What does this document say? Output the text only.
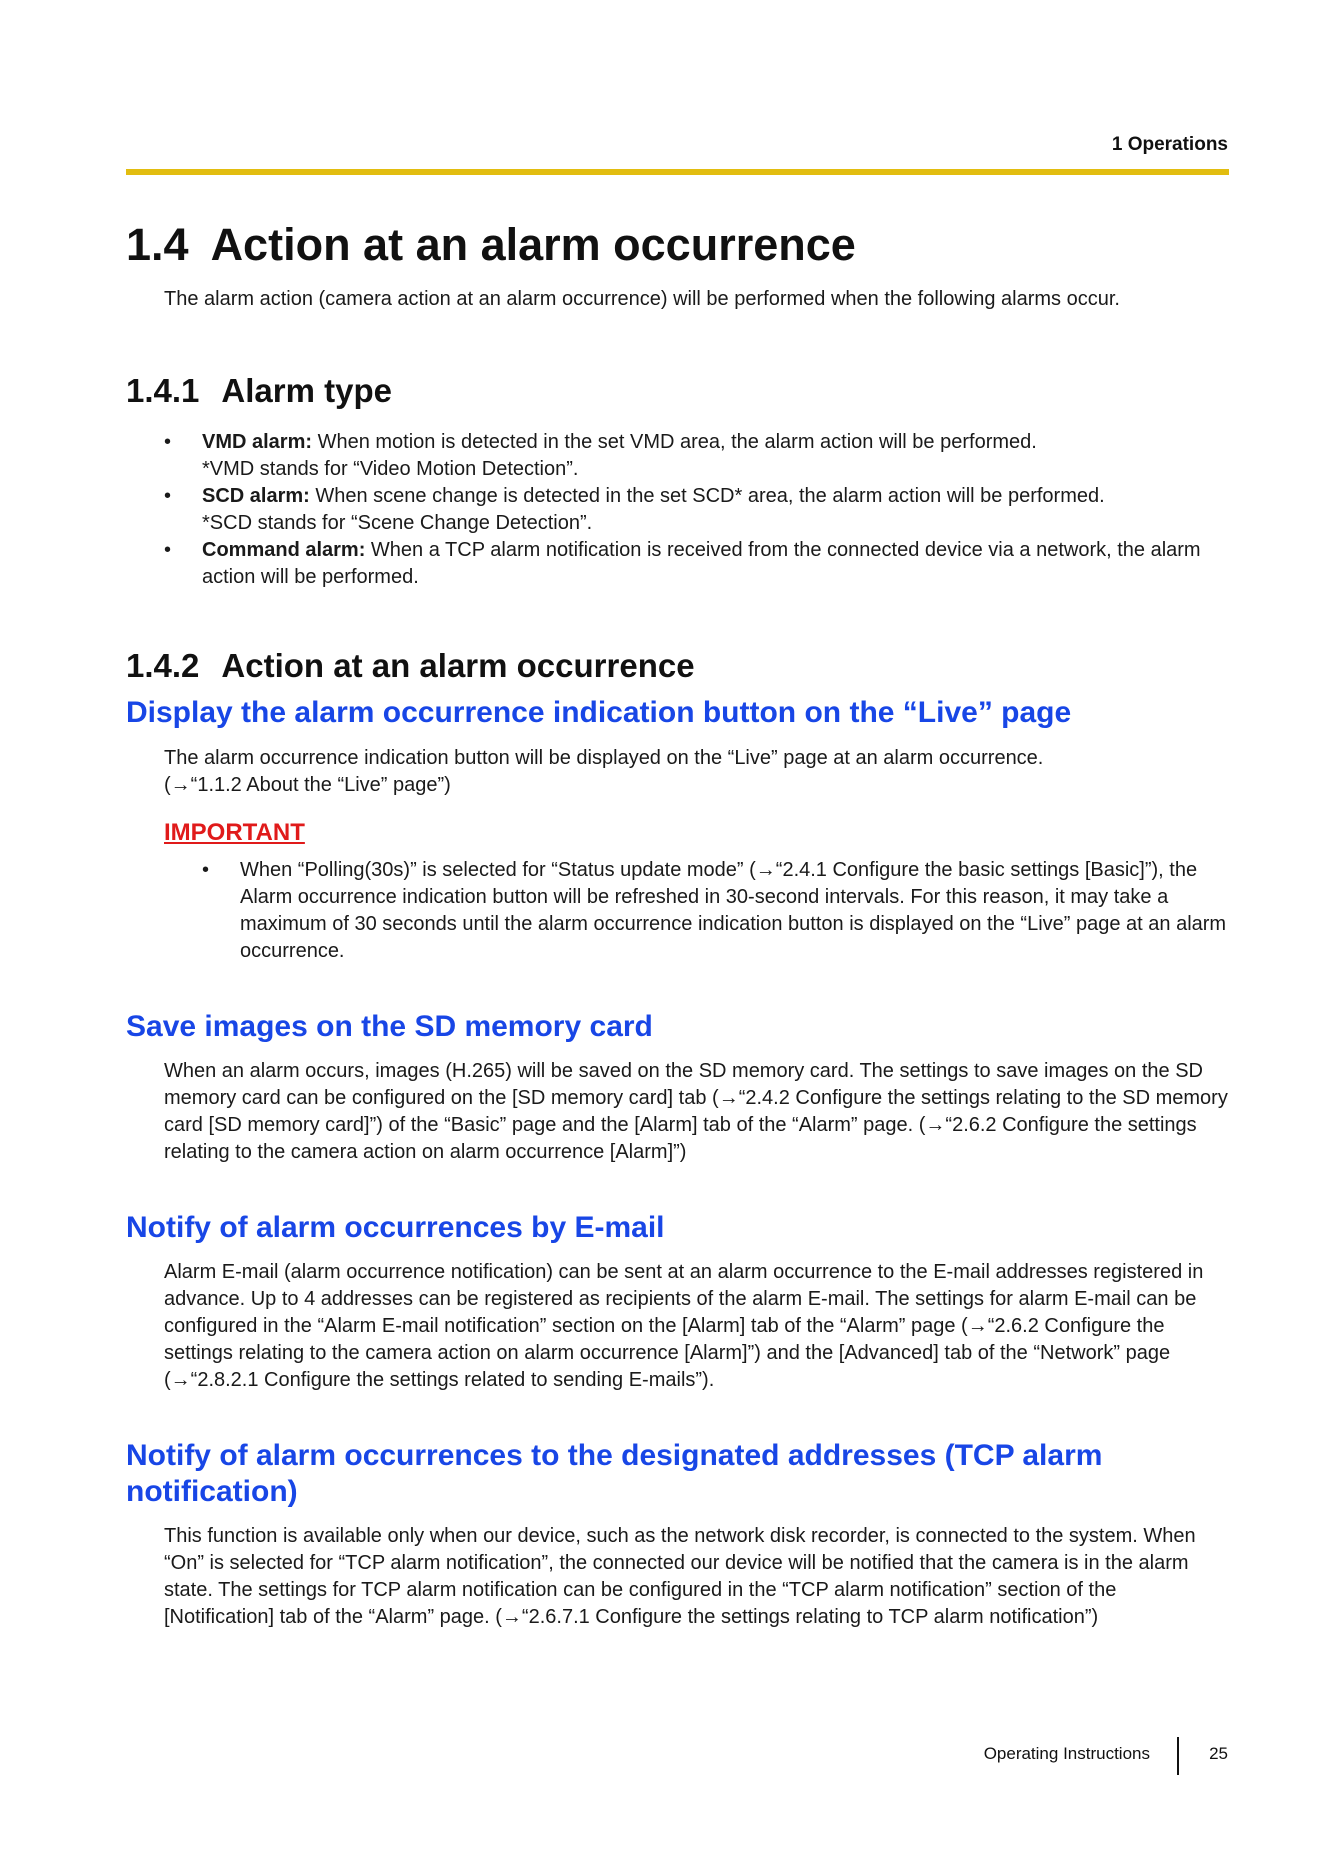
1 Operations
1.4 Action at an alarm occurrence

The alarm action (camera action at an alarm occurrence) will be performed when the following alarms occur.

1.4.1 Alarm type
• VMD alarm: When motion is detected in the set VMD area, the alarm action will be performed.
*VMD stands for “Video Motion Detection”.
• SCD alarm: When scene change is detected in the set SCD* area, the alarm action will be performed.
*SCD stands for “Scene Change Detection”.
• Command alarm: When a TCP alarm notification is received from the connected device via a network, the alarm action will be performed.
1.4.2 Action at an alarm occurrence
Display the alarm occurrence indication button on the “Live” page

The alarm occurrence indication button will be displayed on the “Live” page at an alarm occurrence.

(→“1.1.2 About the “Live” page”)

IMPORTANT
• When “Polling(30s)” is selected for “Status update mode” (→“2.4.1 Configure the basic settings [Basic]”), the Alarm occurrence indication button will be refreshed in 30-second intervals. For this reason, it may take a maximum of 30 seconds until the alarm occurrence indication button is displayed on the “Live” page at an alarm occurrence.
Save images on the SD memory card

When an alarm occurs, images (H.265) will be saved on the SD memory card. The settings to save images on the SD memory card can be configured on the [SD memory card] tab (→“2.4.2 Configure the settings relating to the SD memory card [SD memory card]”) of the “Basic” page and the [Alarm] tab of the “Alarm” page. (→“2.6.2 Configure the settings relating to the camera action on alarm occurrence [Alarm]”)

Notify of alarm occurrences by E-mail

Alarm E-mail (alarm occurrence notification) can be sent at an alarm occurrence to the E-mail addresses registered in advance. Up to 4 addresses can be registered as recipients of the alarm E-mail. The settings for alarm E-mail can be configured in the “Alarm E-mail notification” section on the [Alarm] tab of the “Alarm” page (→“2.6.2 Configure the settings relating to the camera action on alarm occurrence [Alarm]”) and the [Advanced] tab of the “Network” page (→“2.8.2.1 Configure the settings related to sending E-mails”).

Notify of alarm occurrences to the designated addresses (TCP alarm notification)

This function is available only when our device, such as the network disk recorder, is connected to the system. When “On” is selected for “TCP alarm notification”, the connected our device will be notified that the camera is in the alarm state. The settings for TCP alarm notification can be configured in the “TCP alarm notification” section of the [Notification] tab of the “Alarm” page. (→“2.6.7.1 Configure the settings relating to TCP alarm notification”)

Operating Instructions	25
